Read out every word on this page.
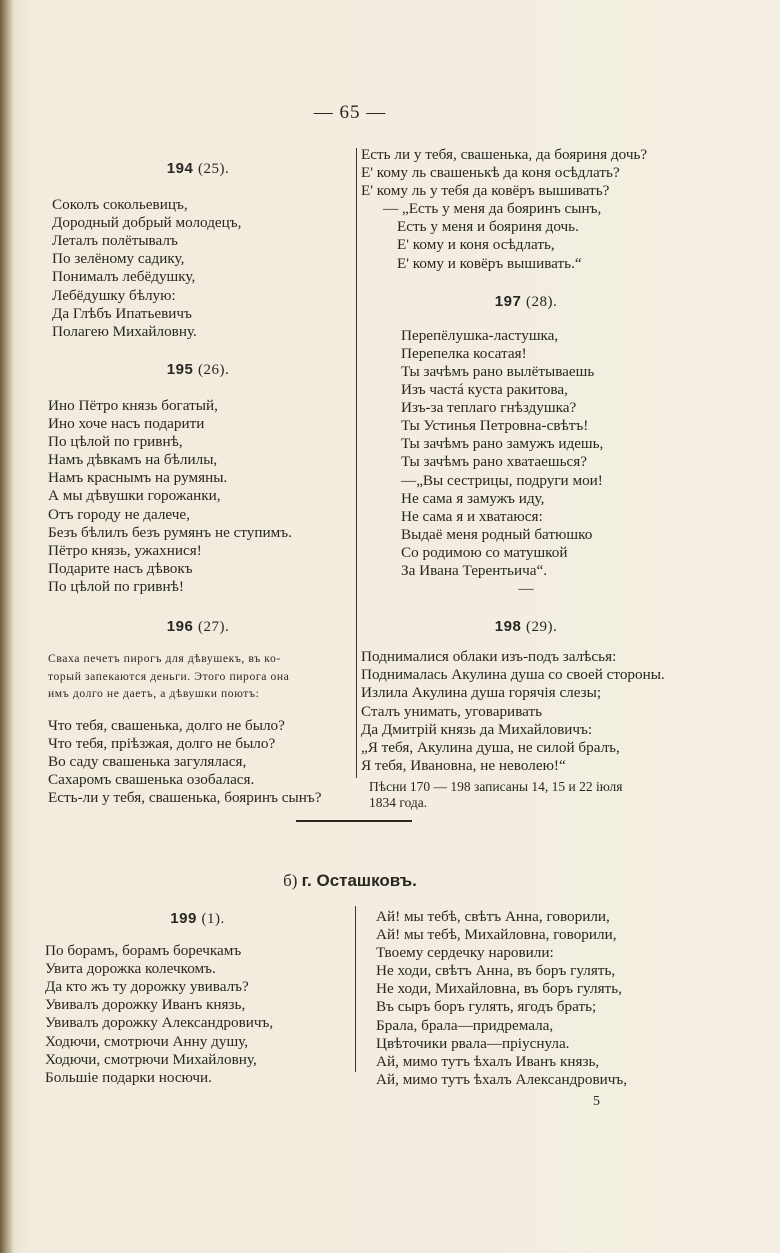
— 65 —
194 (25).
Соколъ сокольевицъ,
Дородный добрый молодецъ,
Леталъ полётывалъ
По зелёному садику,
Понималъ лебёдушку,
Лебёдушку бѣлую:
Да Глѣбъ Ипатьевичъ
Полагею Михайловну.
195 (26).
Ино Пётро князь богатый,
Ино хоче насъ подарити
По цѣлой по гривнѣ,
Намъ дѣвкамъ на бѣлилы,
Намъ краснымъ на румяны.
А мы дѣвушки горожанки,
Отъ городу не далече,
Безъ бѣлилъ безъ румянъ не ступимъ.
Пётро князь, ужахнися!
Подарите насъ дѣвокъ
По цѣлой по гривнѣ!
196 (27).
Сваха печетъ пирогъ для дѣвушекъ, въ ко-
торый запекаются деньги. Этого пирога она
имъ долго не даетъ, а дѣвушки поютъ:
Что тебя, свашенька, долго не было?
Что тебя, пріѣзжая, долго не было?
Во саду свашенька загулялася,
Сахаромъ свашенька озобалася.
Есть-ли у тебя, свашенька, бояринъ сынъ?
Есть ли у тебя, свашенька, да бояриня дочь?
Е' кому ль свашенькѣ да коня осѣдлать?
Е' кому ль у тебя да ковёръ вышивать?
— „Есть у меня да бояринъ сынъ,
Есть у меня и бояриня дочь.
Е' кому и коня осѣдлать,
Е' кому и ковёръ вышивать.“
197 (28).
Перепёлушка-ластушка,
Перепелка косатая!
Ты зачѣмъ рано вылётываешь
Изъ частá куста ракитова,
Изъ-за теплаго гнѣздушка?
Ты Устинья Петровна-свѣтъ!
Ты зачѣмъ рано замужъ идешь,
Ты зачѣмъ рано хватаешься?
—„Вы сестрицы, подруги мои!
Не сама я замужъ иду,
Не сама я и хватаюся:
Выдаё меня родный батюшко
Со родимою со матушкой
За Ивана Терентьича“.
—
198 (29).
Поднималися облаки изъ-подъ залѣсья:
Поднималась Акулина душа со своей стороны.
Излила Акулина душа горячія слезы;
Сталъ унимать, уговаривать
Да Дмитрій князь да Михайловичъ:
„Я тебя, Акулина душа, не силой бралъ,
Я тебя, Ивановна, не неволею!“
Пѣсни 170 — 198 записаны 14, 15 и 22 іюля
1834 года.
б) г. Осташковъ.
199 (1).
По борамъ, борамъ боречкамъ
Увита дорожка колечкомъ.
Да кто жъ ту дорожку увивалъ?
Увивалъ дорожку Иванъ князь,
Увивалъ дорожку Александровичъ,
Ходючи, смотрючи Анну душу,
Ходючи, смотрючи Михайловну,
Большіе подарки носючи.
Ай! мы тебѣ, свѣтъ Анна, говорили,
Ай! мы тебѣ, Михайловна, говорили,
Твоему сердечку наровили:
Не ходи, свѣтъ Анна, въ боръ гулять,
Не ходи, Михайловна, въ боръ гулять,
Въ сыръ боръ гулять, ягодъ брать;
Брала, брала—придремала,
Цвѣточики рвала—пріуснула.
Ай, мимо тутъ ѣхалъ Иванъ князь,
Ай, мимо тутъ ѣхалъ Александровичъ,
5
